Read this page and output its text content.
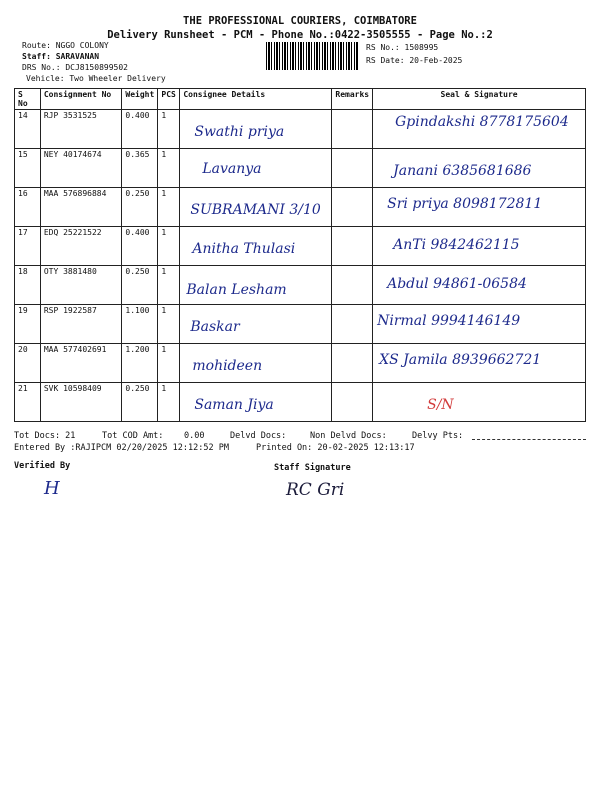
THE PROFESSIONAL COURIERS, COIMBATORE
Delivery Runsheet - PCM - Phone No.:0422-3505555 - Page No.:2
Route: NGGO COLONY
Staff: SARAVANAN
DRS No.: DCJ8150899502
Vehicle: Two Wheeler Delivery
RS No.: 1508995
RS Date: 20-Feb-2025
S No	Consignment No	Weight	PCS	Consignee Details	Remarks	Seal & Signature
14	RJP 3531525	0.400	1	Swathi priya		Gpindakshi 8778175604

15	NEY 40174674	0.365	1	Lavanya		Janani 6385681686

16	MAA 576896884	0.250	1	SUBRAMANI 3/10		Sri priya 8098172811

17	EDQ 25221522	0.400	1	Anitha Thulasi		AnTi 9842462115

18	OTY 3881480	0.250	1	Balan Lesham		Abdul 94861-06584

19	RSP 1922587	1.100	1	Baskar		Nirmal 9994146149

20	MAA 577402691	1.200	1	mohideen		XS Jamila 8939662721

21	SVK 10598409	0.250	1	Saman Jiya		S/N
Tot Docs: 21	Tot COD Amt: 0.00	Delvd Docs:	Non Delvd Docs:	Delvy Pts:
Entered By :RAJIPCM 02/20/2025 12:12:52 PM	Printed On: 20-02-2025 12:13:17
Verified By	Staff Signature
H	RC Gri
